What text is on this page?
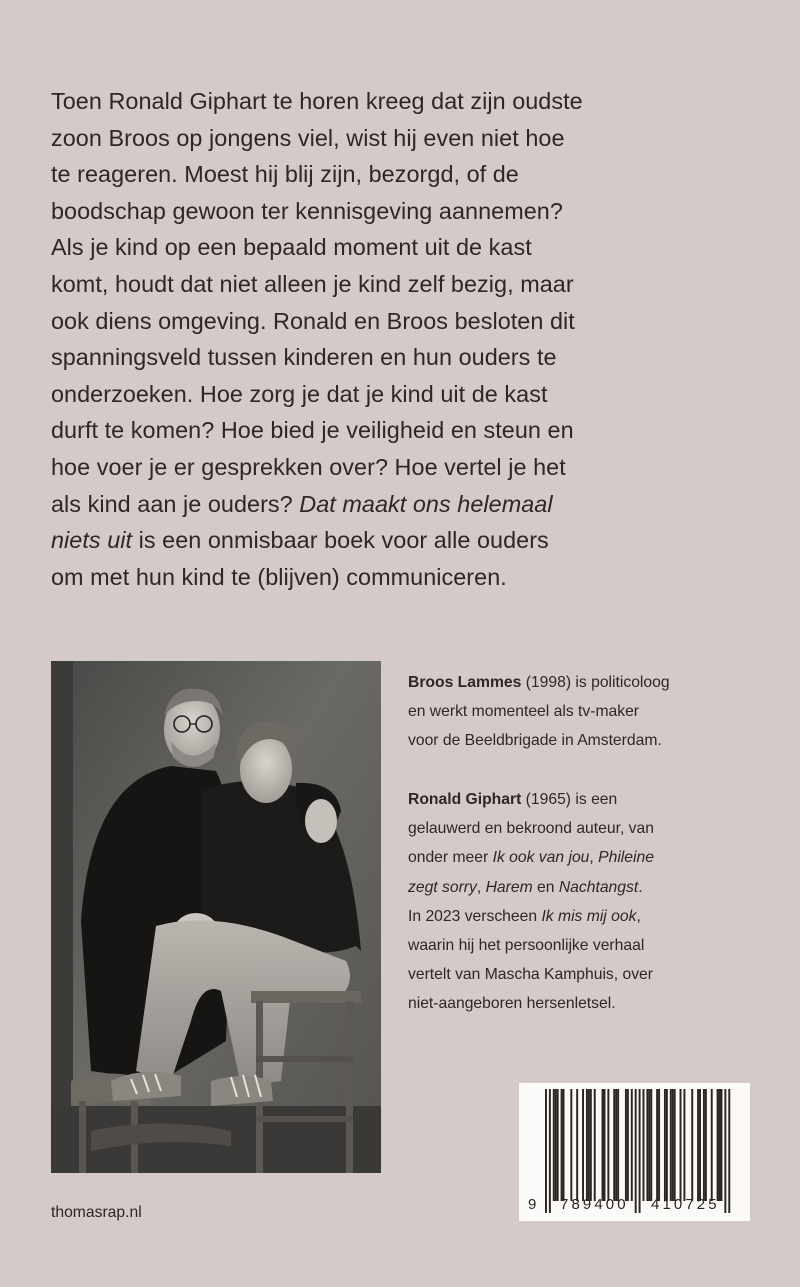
Toen Ronald Giphart te horen kreeg dat zijn oudste
zoon Broos op jongens viel, wist hij even niet hoe
te reageren. Moest hij blij zijn, bezorgd, of de
boodschap gewoon ter kennisgeving aannemen?
Als je kind op een bepaald moment uit de kast
komt, houdt dat niet alleen je kind zelf bezig, maar
ook diens omgeving. Ronald en Broos besloten dit
spanningsveld tussen kinderen en hun ouders te
onderzoeken. Hoe zorg je dat je kind uit de kast
durft te komen? Hoe bied je veiligheid en steun en
hoe voer je er gesprekken over? Hoe vertel je het
als kind aan je ouders? Dat maakt ons helemaal
niets uit is een onmisbaar boek voor alle ouders
om met hun kind te (blijven) communiceren.
Broos Lammes (1998) is politicoloog
en werkt momenteel als tv-maker
voor de Beeldbrigade in Amsterdam.
Ronald Giphart (1965) is een
gelauwerd en bekroond auteur, van
onder meer Ik ook van jou, Phileine
zegt sorry, Harem en Nachtangst.
In 2023 verscheen Ik mis mij ook,
waarin hij het persoonlijke verhaal
vertelt van Mascha Kamphuis, over
niet-aangeboren hersenletsel.
thomasrap.nl	9 789400 410725
